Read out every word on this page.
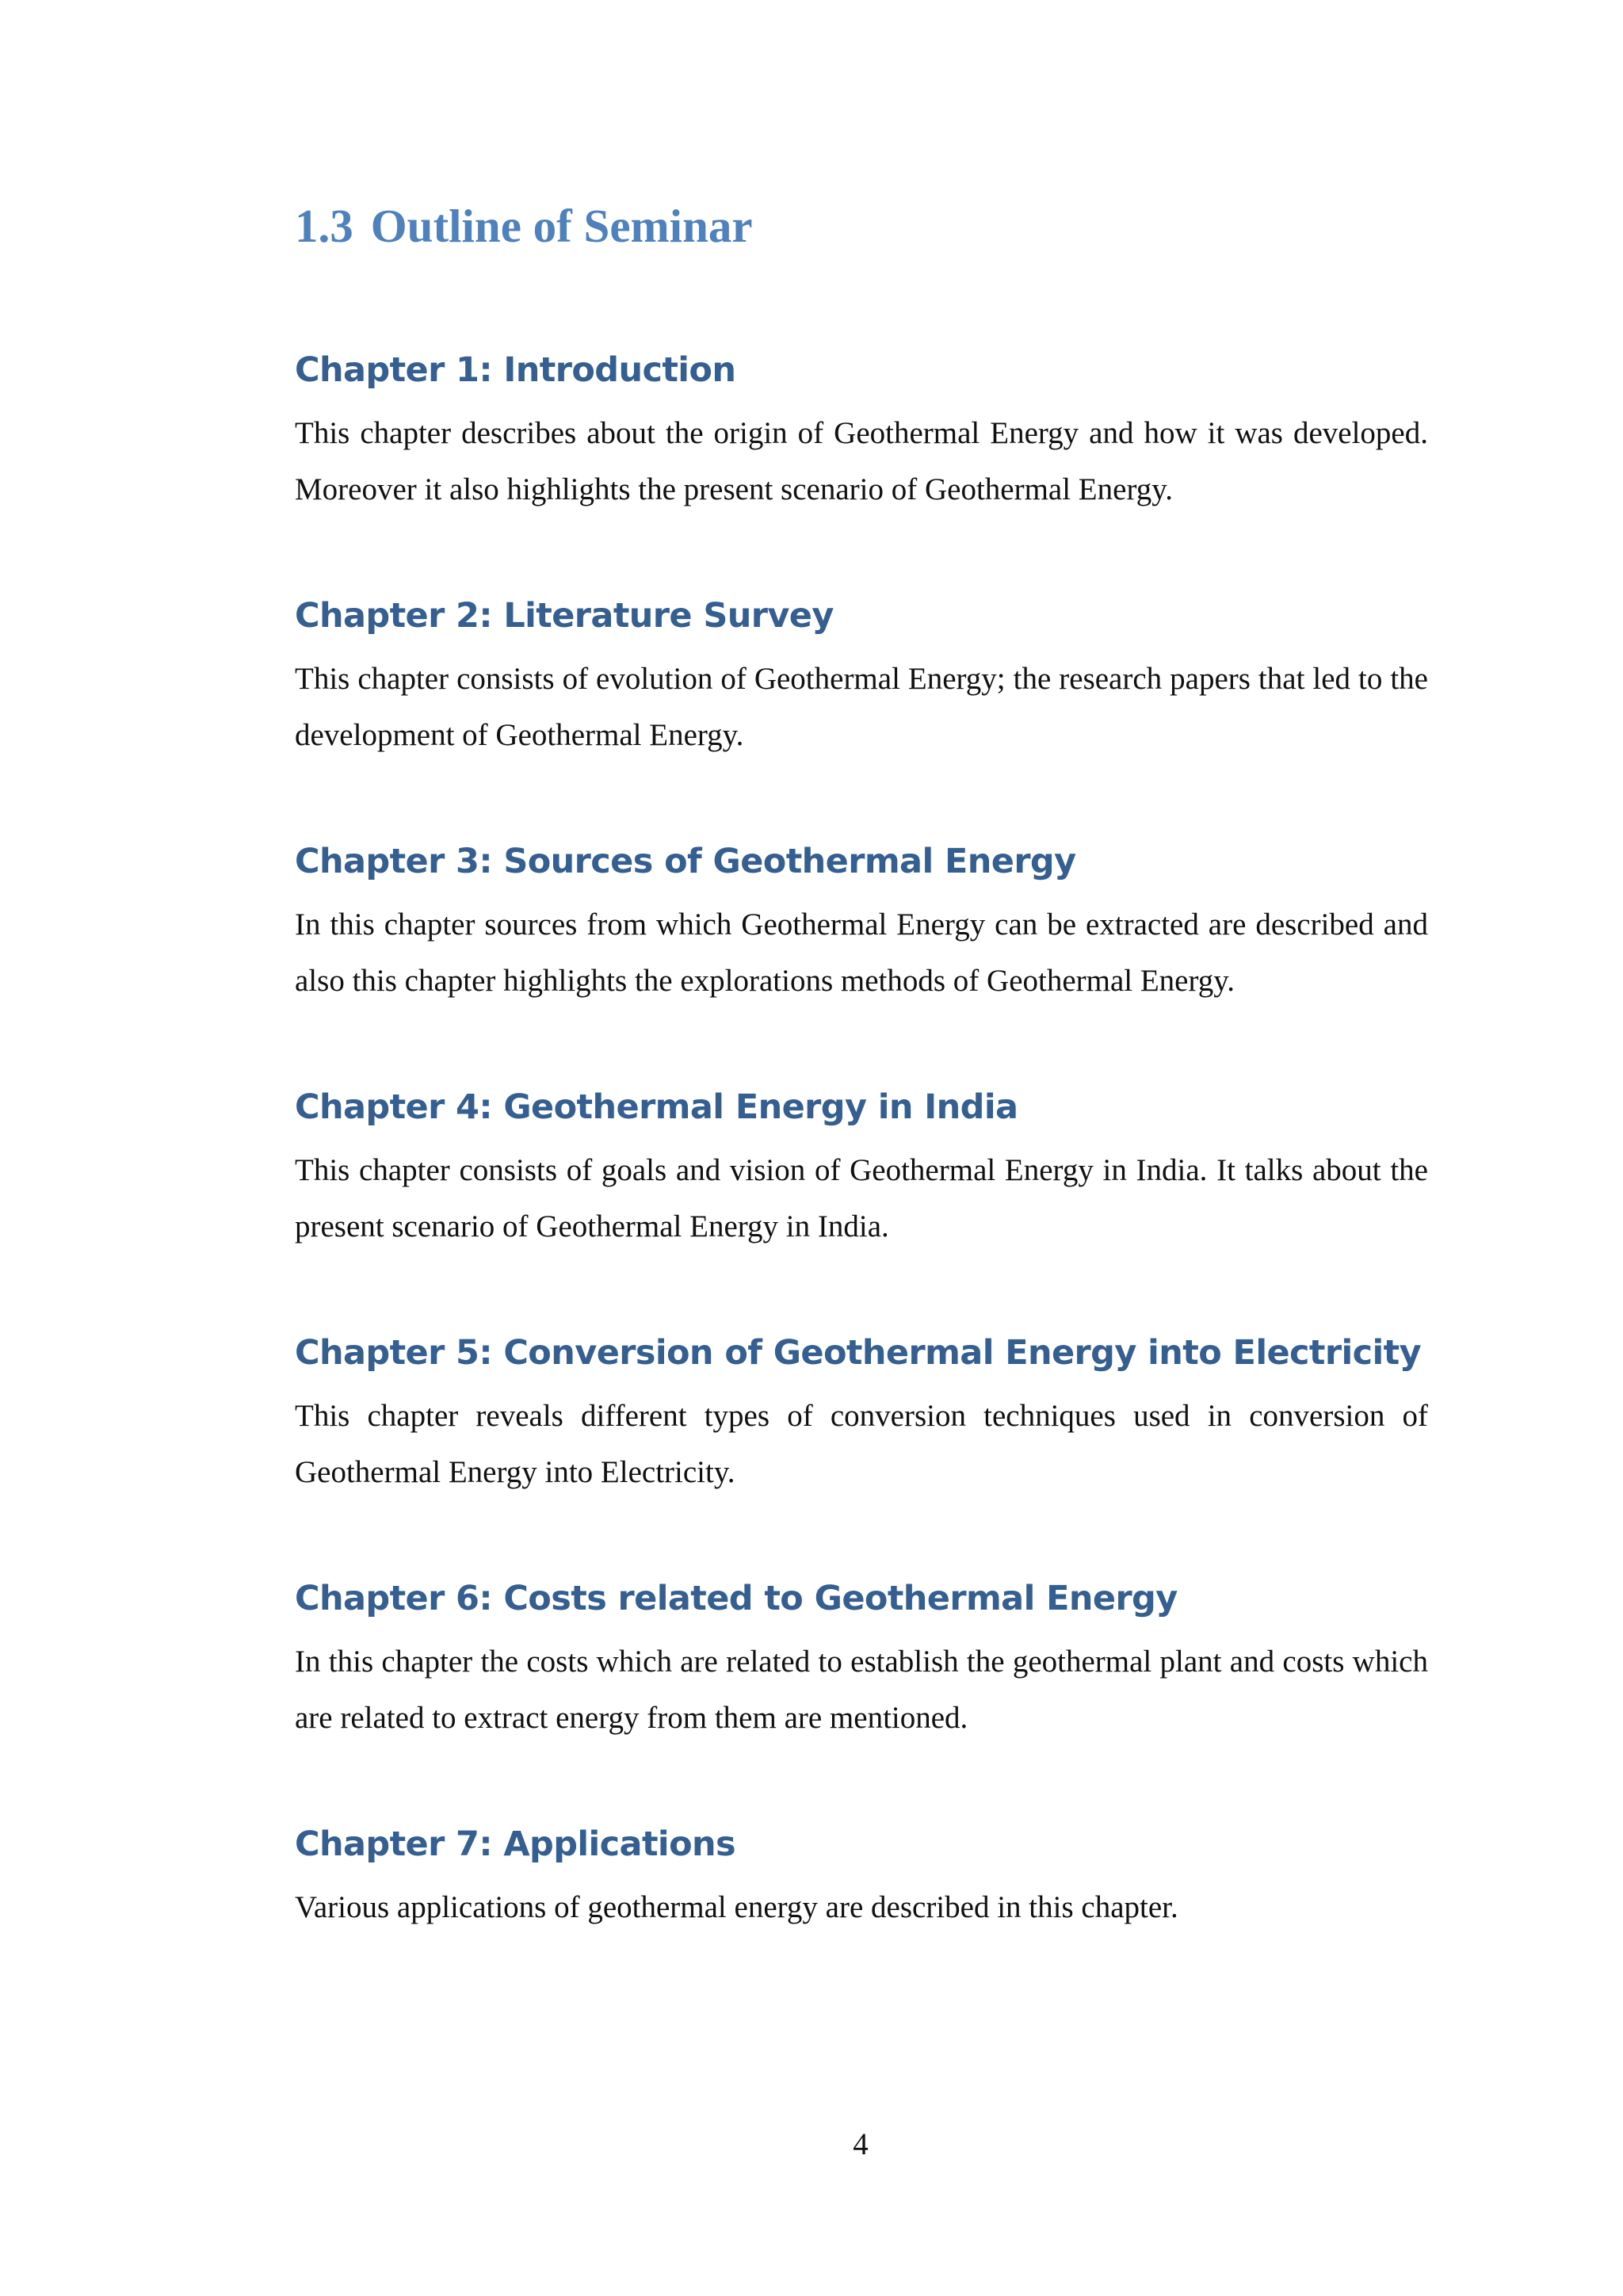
1.3 Outline of Seminar
Chapter 1: Introduction

This chapter describes about the origin of Geothermal Energy and how it was developed. Moreover it also highlights the present scenario of Geothermal Energy.

Chapter 2: Literature Survey

This chapter consists of evolution of Geothermal Energy; the research papers that led to the development of Geothermal Energy.

Chapter 3: Sources of Geothermal Energy

In this chapter sources from which Geothermal Energy can be extracted are described and also this chapter highlights the explorations methods of Geothermal Energy.

Chapter 4: Geothermal Energy in India

This chapter consists of goals and vision of Geothermal Energy in India. It talks about the present scenario of Geothermal Energy in India.

Chapter 5: Conversion of Geothermal Energy into Electricity

This chapter reveals different types of conversion techniques used in conversion of Geothermal Energy into Electricity.

Chapter 6: Costs related to Geothermal Energy

In this chapter the costs which are related to establish the geothermal plant and costs which are related to extract energy from them are mentioned.

Chapter 7: Applications

Various applications of geothermal energy are described in this chapter.

4
